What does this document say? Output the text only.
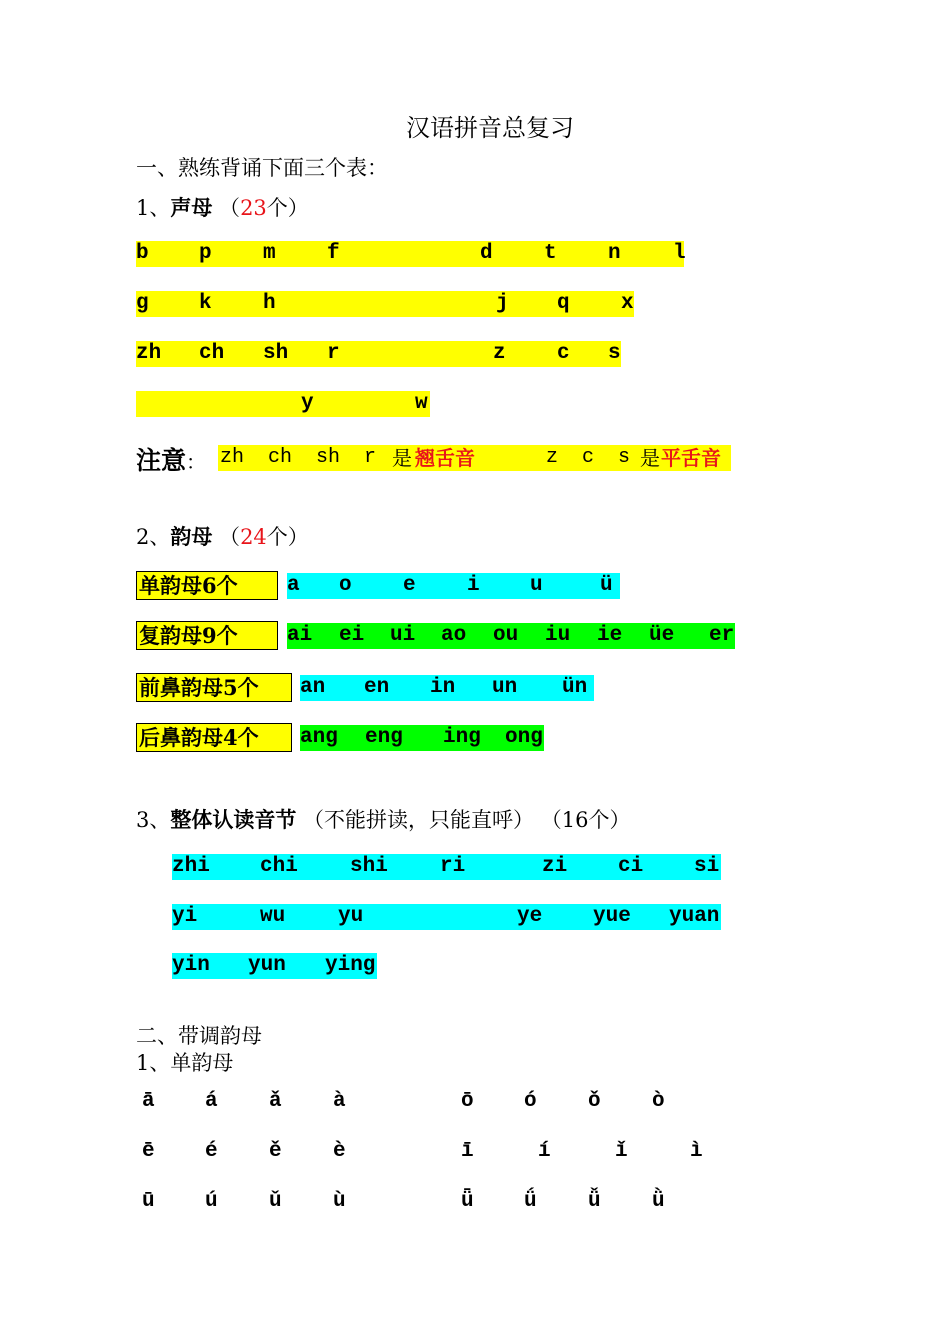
汉语拼音总复习
一、熟练背诵下面三个表：
1、声母 （23个）
b p m f	d t n l
g k h	j q x
zh ch sh r	z c s
y	w
注意： zh  ch  sh  r 是 翘舌音	z  c  s 是 平舌音
2、韵母 （24个）
单韵母6个	a o e i u	ü
复韵母9个	ai ei ui ao ou iu ie üe er
前鼻韵母5个	an en in un ün
后鼻韵母4个	ang eng ing ong
3、整体认读音节 （不能拼读，只能直呼） （16个）
zhi chi shi ri	zi ci si
yi	wu	yu	ye yue yuan
yin yun ying
二、带调韵母
1、单韵母
ā á ǎ à	ō ó ǒ ò
ē é ě è	ī	í	ǐ	ì
ū ú ǔ ù	ǖ ǘ ǚ ǜ
